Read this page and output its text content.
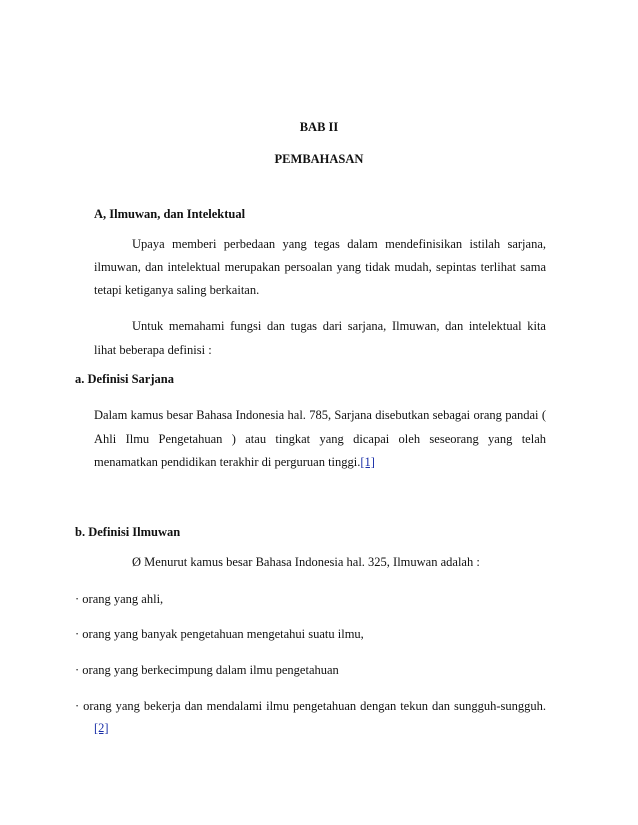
BAB II
PEMBAHASAN
A, Ilmuwan, dan Intelektual
Upaya memberi perbedaan yang tegas dalam mendefinisikan istilah sarjana,
ilmuwan, dan intelektual merupakan persoalan yang tidak mudah, sepintas terlihat sama
tetapi ketiganya saling berkaitan.
Untuk memahami fungsi dan tugas dari sarjana, Ilmuwan, dan intelektual kita
lihat beberapa definisi :
a. Definisi Sarjana
Dalam kamus besar Bahasa Indonesia hal. 785, Sarjana disebutkan sebagai orang pandai (
Ahli Ilmu Pengetahuan ) atau tingkat yang dicapai oleh seseorang yang telah
menamatkan pendidikan terakhir di perguruan tinggi.[1]
b. Definisi Ilmuwan
Ø Menurut kamus besar Bahasa Indonesia hal. 325, Ilmuwan adalah :
· orang yang ahli,
· orang yang banyak pengetahuan mengetahui suatu ilmu,
· orang yang berkecimpung dalam ilmu pengetahuan
· orang yang bekerja dan mendalami ilmu pengetahuan dengan tekun dan sungguh-sungguh.
[2]
